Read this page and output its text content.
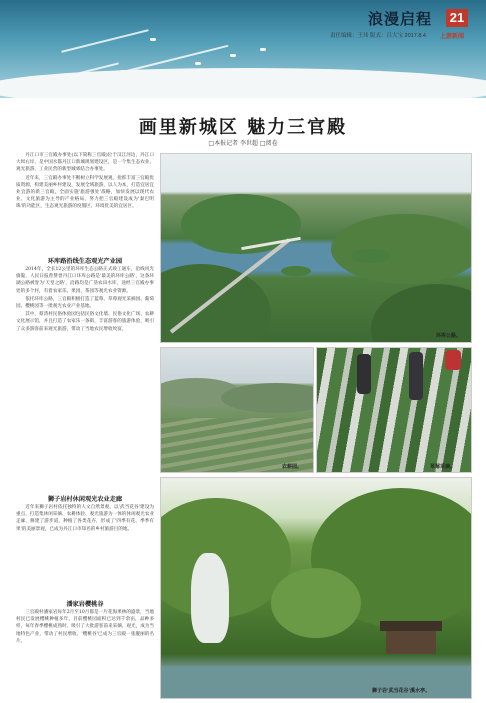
浪漫启程 21
责任编辑：王玮 版式：吕大宝 2017.8.4 上游新闻
画里新城区 魅力三官殿
□本报记者 李世超 □阅卷

丹江口市三官殿办事处(以下简称三官殿)位于汉江河边，丹江口大坝右岸，是中国水都丹江口新城规划建设区，是一个集生态农业、观光旅游、工业民营的新型城郊结合办事处。

近年来，三官殿办事处不断树立科学发展观，抢抓丰富三官殿优质资源，构建美丽乡村建设，发展全域旅游，以人为本，打造宜居宜业宜游的新三官殿，全面实施'旅游强处'战略，加快发展以现代农业、文化旅游为主导的产业格局，努力把三官殿建设成为'秦巴明珠'的功能区，生态观光旅游的度假区、环境优美的宜居区。

环库路沿线生态观光产业园

2014年，全长12公里的环库生态公路正式竣工通车，沿线风光旖旎，人民日报曾赞誉丹江口环库公路是'最美的环库公路'，这条环湖公路被誉为'天堂之路'，沿路均是广垦农田水库，途经三官殿办事处的多个村，有着农家乐、果园、茶园等观光农业资源。

依托环库公路，三官殿积极打造了蓝莓、草莓观光采摘园、葡萄园、樱桃园等一批观光农业产业基地。

其中，蔡湾村民俗体验园包括民俗文化墙、民俗文化广场、农耕文化展示馆，并且打造了农家乐一条街，丰富游客的旅游体验，吸引了众多游客前来观光旅游，带动了当地农民增收致富。

狮子岩村休闲观光农业走廊

近年来狮子岩村依托独特的人文自然景观，以'武当花谷'建设为重点，打造集休闲采摘、农耕体验、观光旅游为一体的休闲观光农业走廊，修建了游步道，种植了各类花卉，形成了'四季有花、季季有果'的美丽景观，已成为丹江口市知名的乡村旅游目的地。

潘家岩樱桃谷

三官殿村潘家岩每年2月至10月都是一片花海果林的盛景，当地村民已发展樱桃种植多年，目前樱桃园面积已达到千余亩，品种多样，每年春季樱桃成熟时，吸引了大批游客前来采摘、观光，成为当地特色产业，带动了村民增收，'樱桃谷'已成为三官殿一张靓丽的名片。

环库公路。
农耕园。	草莓采摘。
狮子岩'武当花谷'溪水亭。
